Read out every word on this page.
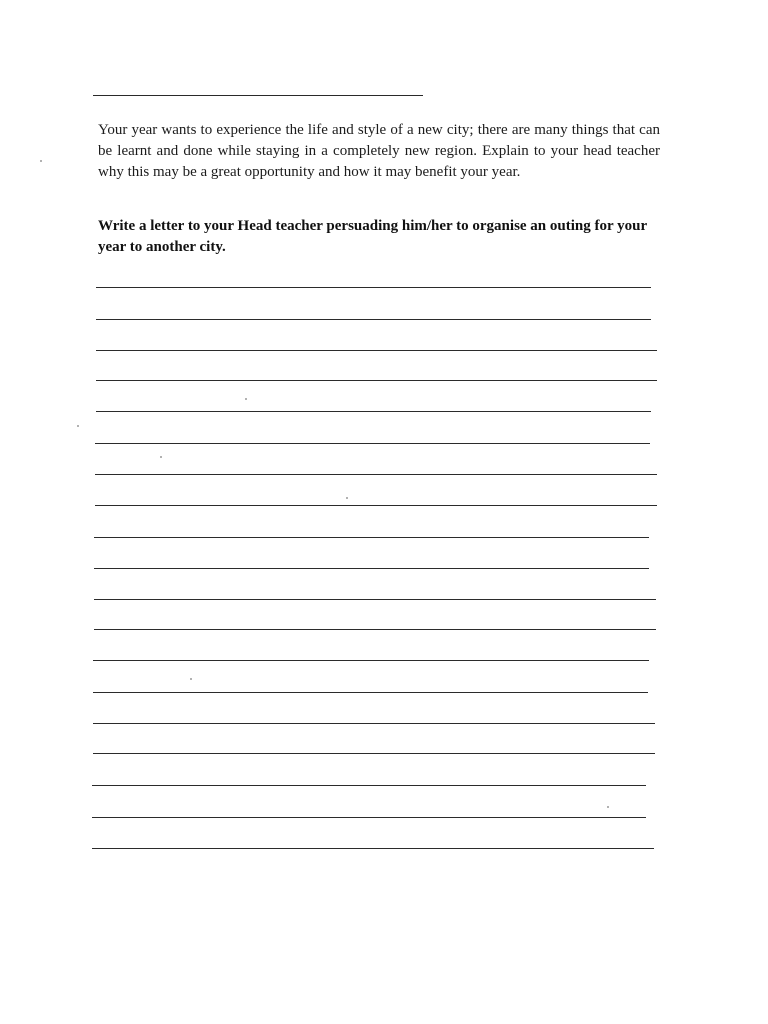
Your year wants to experience the life and style of a new city; there are many things that can be learnt and done while staying in a completely new region. Explain to your head teacher why this may be a great opportunity and how it may benefit your year.

Write a letter to your Head teacher persuading him/her to organise an outing for your year to another city.
